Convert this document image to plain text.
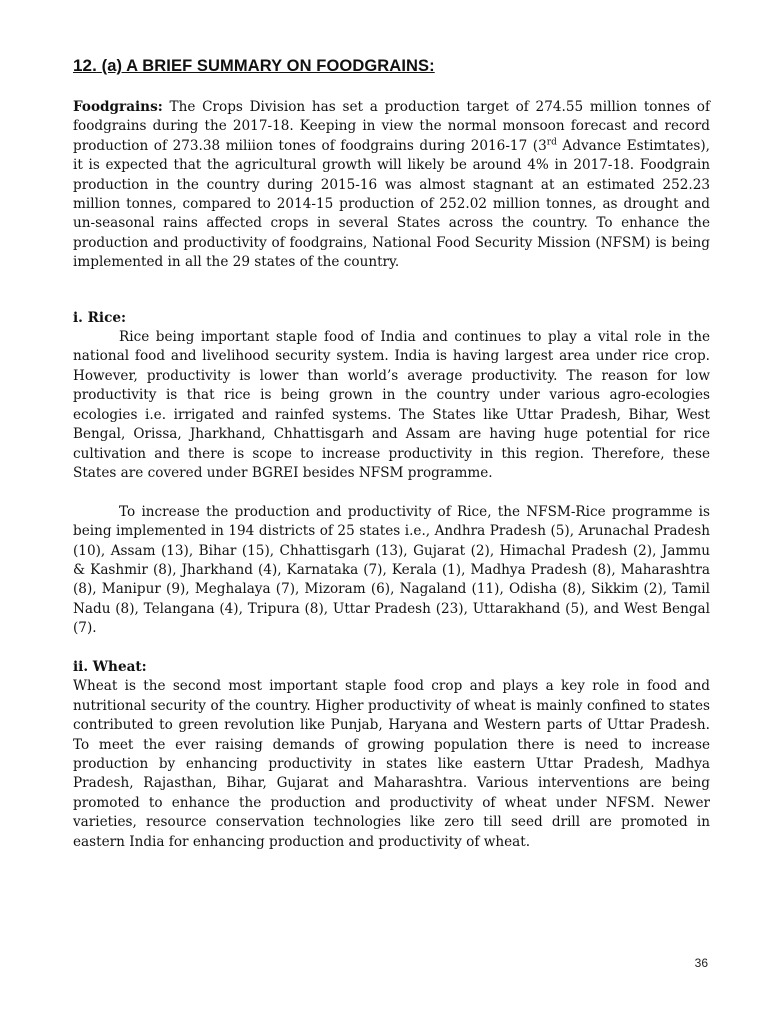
12. (a) A BRIEF SUMMARY ON FOODGRAINS:

Foodgrains: The Crops Division has set a production target of 274.55 million tonnes of foodgrains during the 2017-18. Keeping in view the normal monsoon forecast and record production of 273.38 miliion tones of foodgrains during 2016-17 (3rd Advance Estimtates), it is expected that the agricultural growth will likely be around 4% in 2017-18. Foodgrain production in the country during 2015-16 was almost stagnant at an estimated 252.23 million tonnes, compared to 2014-15 production of 252.02 million tonnes, as drought and un-seasonal rains affected crops in several States across the country. To enhance the production and productivity of foodgrains, National Food Security Mission (NFSM) is being implemented in all the 29 states of the country.

i. Rice:

Rice being important staple food of India and continues to play a vital role in the national food and livelihood security system. India is having largest area under rice crop. However, productivity is lower than world’s average productivity. The reason for low productivity is that rice is being grown in the country under various agro-ecologies ecologies i.e. irrigated and rainfed systems. The States like Uttar Pradesh, Bihar, West Bengal, Orissa, Jharkhand, Chhattisgarh and Assam are having huge potential for rice cultivation and there is scope to increase productivity in this region. Therefore, these States are covered under BGREI besides NFSM programme.

To increase the production and productivity of Rice, the NFSM-Rice programme is being implemented in 194 districts of 25 states i.e., Andhra Pradesh (5), Arunachal Pradesh (10), Assam (13), Bihar (15), Chhattisgarh (13), Gujarat (2), Himachal Pradesh (2), Jammu & Kashmir (8), Jharkhand (4), Karnataka (7), Kerala (1), Madhya Pradesh (8), Maharashtra (8), Manipur (9), Meghalaya (7), Mizoram (6), Nagaland (11), Odisha (8), Sikkim (2), Tamil Nadu (8), Telangana (4), Tripura (8), Uttar Pradesh (23), Uttarakhand (5), and West Bengal (7).

ii. Wheat:

Wheat is the second most important staple food crop and plays a key role in food and nutritional security of the country. Higher productivity of wheat is mainly confined to states contributed to green revolution like Punjab, Haryana and Western parts of Uttar Pradesh. To meet the ever raising demands of growing population there is need to increase production by enhancing productivity in states like eastern Uttar Pradesh, Madhya Pradesh, Rajasthan, Bihar, Gujarat and Maharashtra. Various interventions are being promoted to enhance the production and productivity of wheat under NFSM. Newer varieties, resource conservation technologies like zero till seed drill are promoted in eastern India for enhancing production and productivity of wheat.

36
